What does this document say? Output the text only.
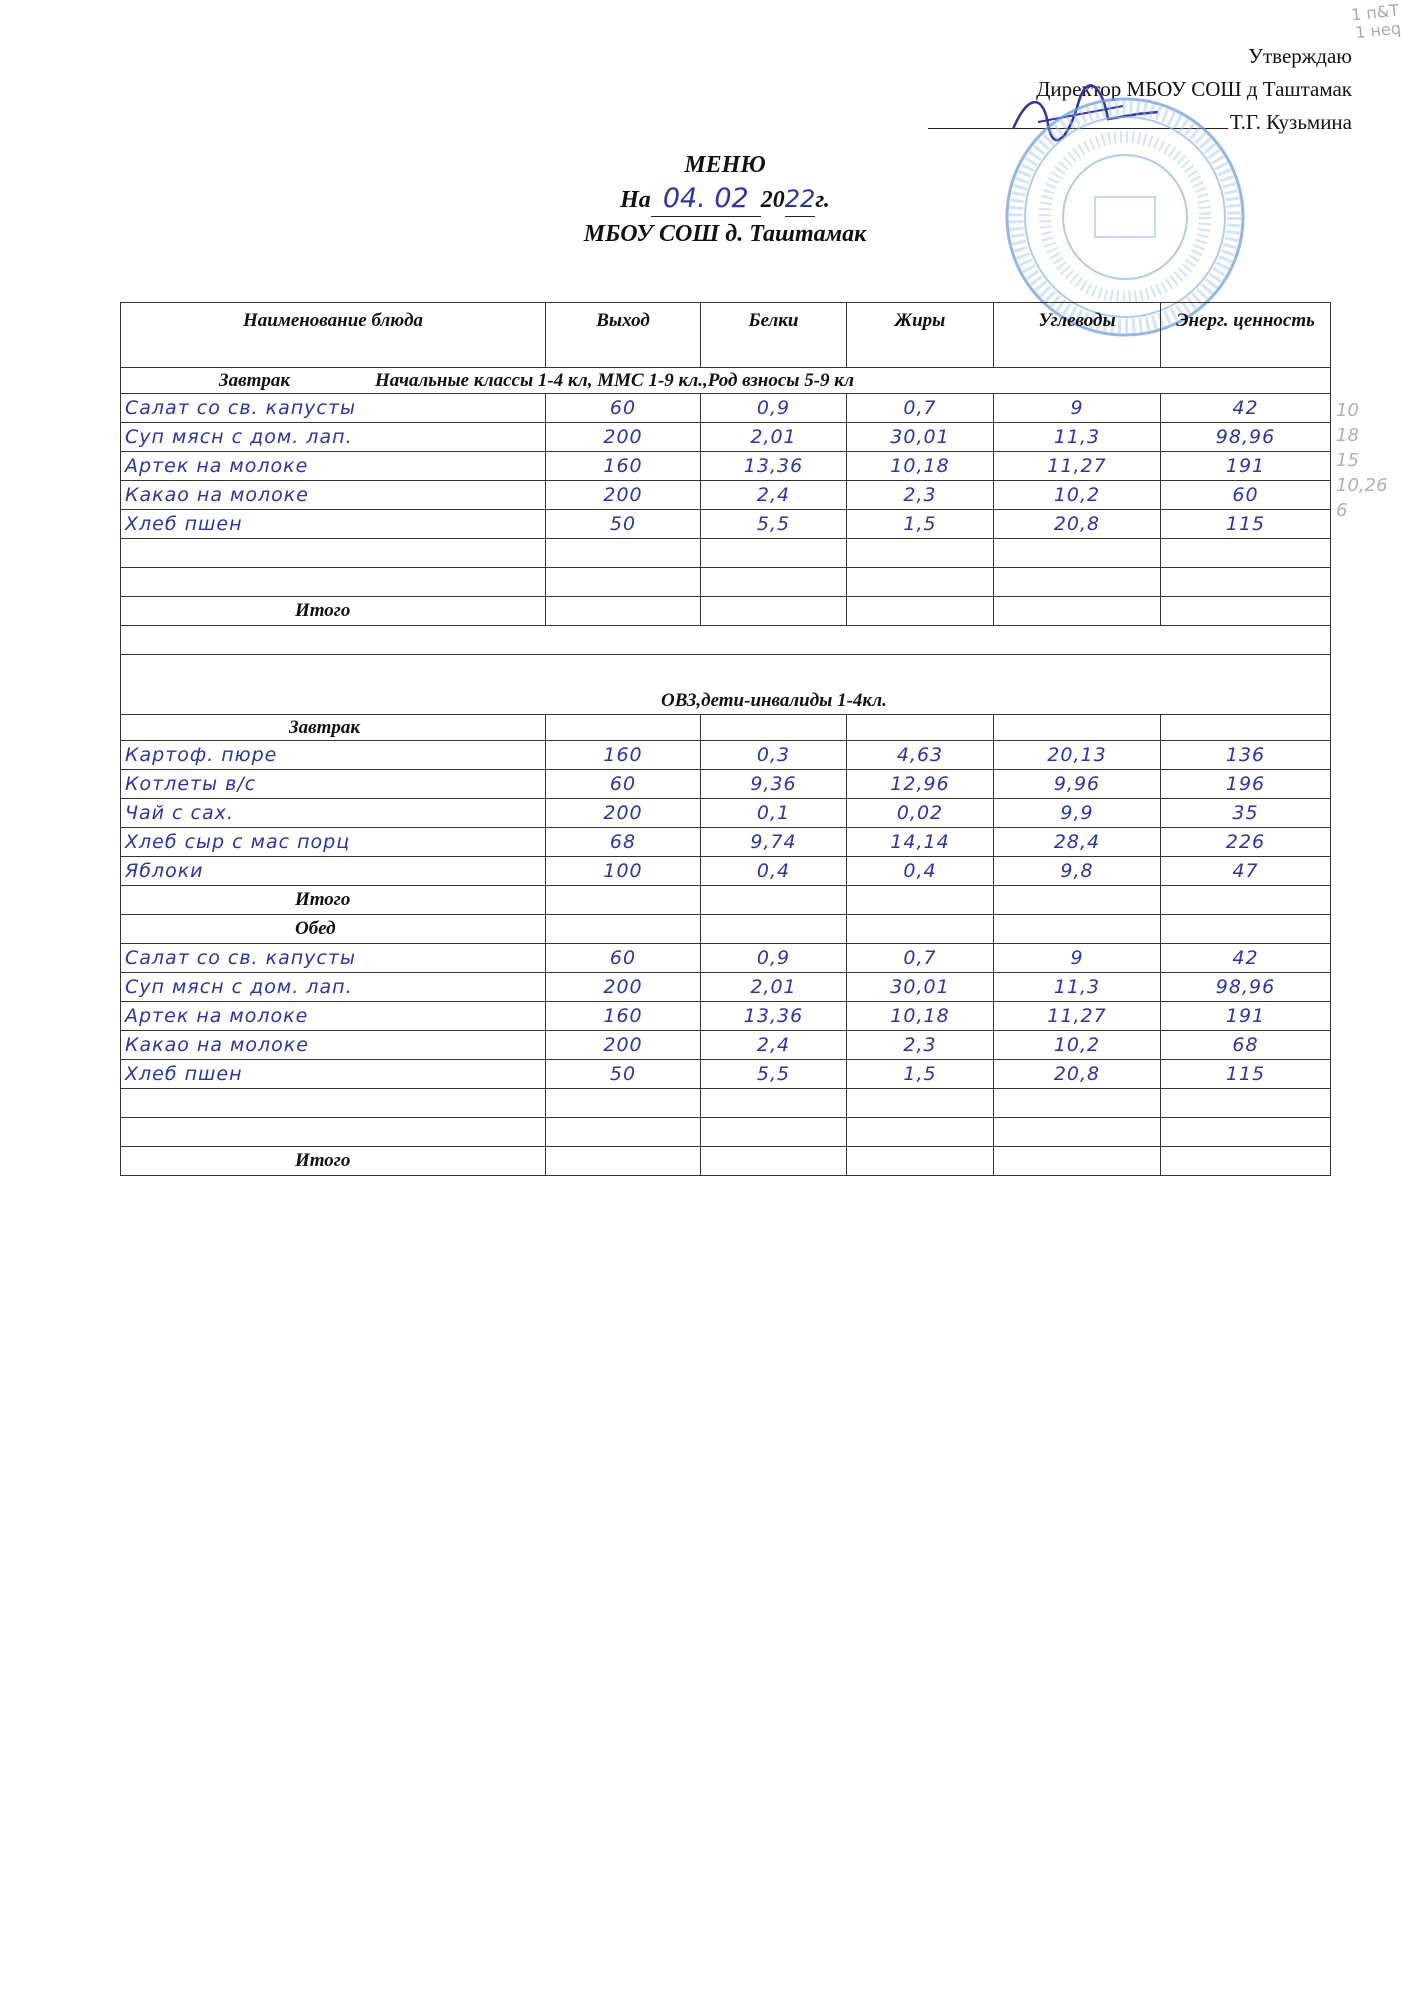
1 п&Т
1 неq
Утверждаю
Директор МБОУ СОШ д Таштамак
Т.Г. Кузьмина
МЕНЮ
На 04. 02 2022г.
МБОУ СОШ д. Таштамак
Наименование блюда	Выход	Белки	Жиры	Углеводы	Энерг. ценность
Завтрак Начальные классы 1-4 кл, ММС 1-9 кл.,Род взносы 5-9 кл					
Салат со св. капусты	60	0,9	0,7	9	42
Суп мясн с дом. лап.	200	2,01	30,01	11,3	98,96
Артек на молоке	160	13,36	10,18	11,27	191
Какао на молоке	200	2,4	2,3	10,2	60
Хлеб пшен	50	5,5	1,5	20,8	115

Итого					

ОВЗ,дети-инвалиды 1-4кл.					
Завтрак					
Картоф. пюре	160	0,3	4,63	20,13	136
Котлеты в/с	60	9,36	12,96	9,96	196
Чай с сах.	200	0,1	0,02	9,9	35
Хлеб сыр с мас порц	68	9,74	14,14	28,4	226
Яблоки	100	0,4	0,4	9,8	47
Итого					
Обед					
Салат со св. капусты	60	0,9	0,7	9	42
Суп мясн с дом. лап.	200	2,01	30,01	11,3	98,96
Артек на молоке	160	13,36	10,18	11,27	191
Какао на молоке	200	2,4	2,3	10,2	68
Хлеб пшен	50	5,5	1,5	20,8	115

Итого					
10
18
15
10,26
6
